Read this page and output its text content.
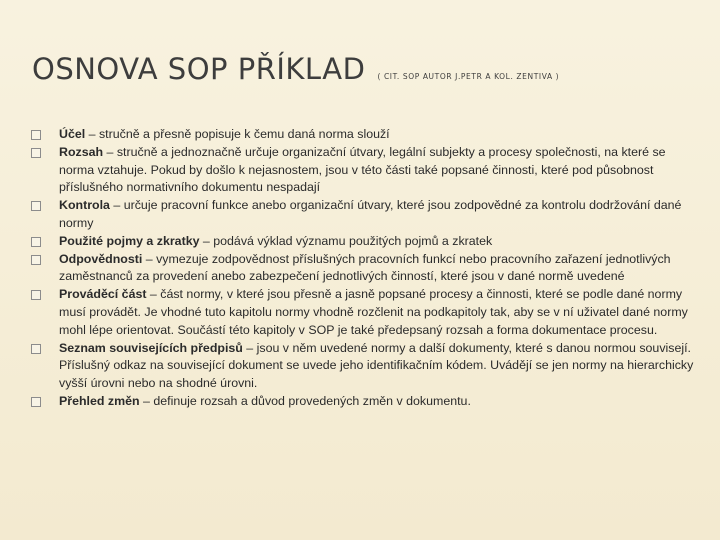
OSNOVA SOP PŘÍKLAD ( CIT. SOP AUTOR J.PETR A KOL. ZENTIVA )
Účel – stručně a přesně popisuje k čemu daná norma slouží
Rozsah – stručně a jednoznačně určuje organizační útvary, legální subjekty a procesy společnosti, na které se norma vztahuje. Pokud by došlo k nejasnostem, jsou v této části také popsané činnosti, které pod působnost příslušného normativního dokumentu nespadají
Kontrola – určuje pracovní funkce anebo organizační útvary, které jsou zodpovědné za kontrolu dodržování dané normy
Použité pojmy a zkratky – podává výklad významu použitých pojmů a zkratek
Odpovědnosti – vymezuje zodpovědnost příslušných pracovních funkcí nebo pracovního zařazení jednotlivých zaměstnanců za provedení anebo zabezpečení jednotlivých činností, které jsou v dané normě uvedené
Prováděcí část – část normy, v které jsou přesně a jasně popsané procesy a činnosti, které se podle dané normy musí provádět. Je vhodné tuto kapitolu normy vhodně rozčlenit na podkapitoly tak, aby se v ní uživatel dané normy mohl lépe orientovat. Součástí této kapitoly v SOP je také předepsaný rozsah a forma dokumentace procesu.
Seznam souvisejících předpisů – jsou v něm uvedené normy a další dokumenty, které s danou normou souvisejí. Příslušný odkaz na související dokument se uvede jeho identifikačním kódem. Uvádějí se jen normy na hierarchicky vyšší úrovni nebo na shodné úrovni.
Přehled změn – definuje rozsah a důvod provedených změn v dokumentu.
